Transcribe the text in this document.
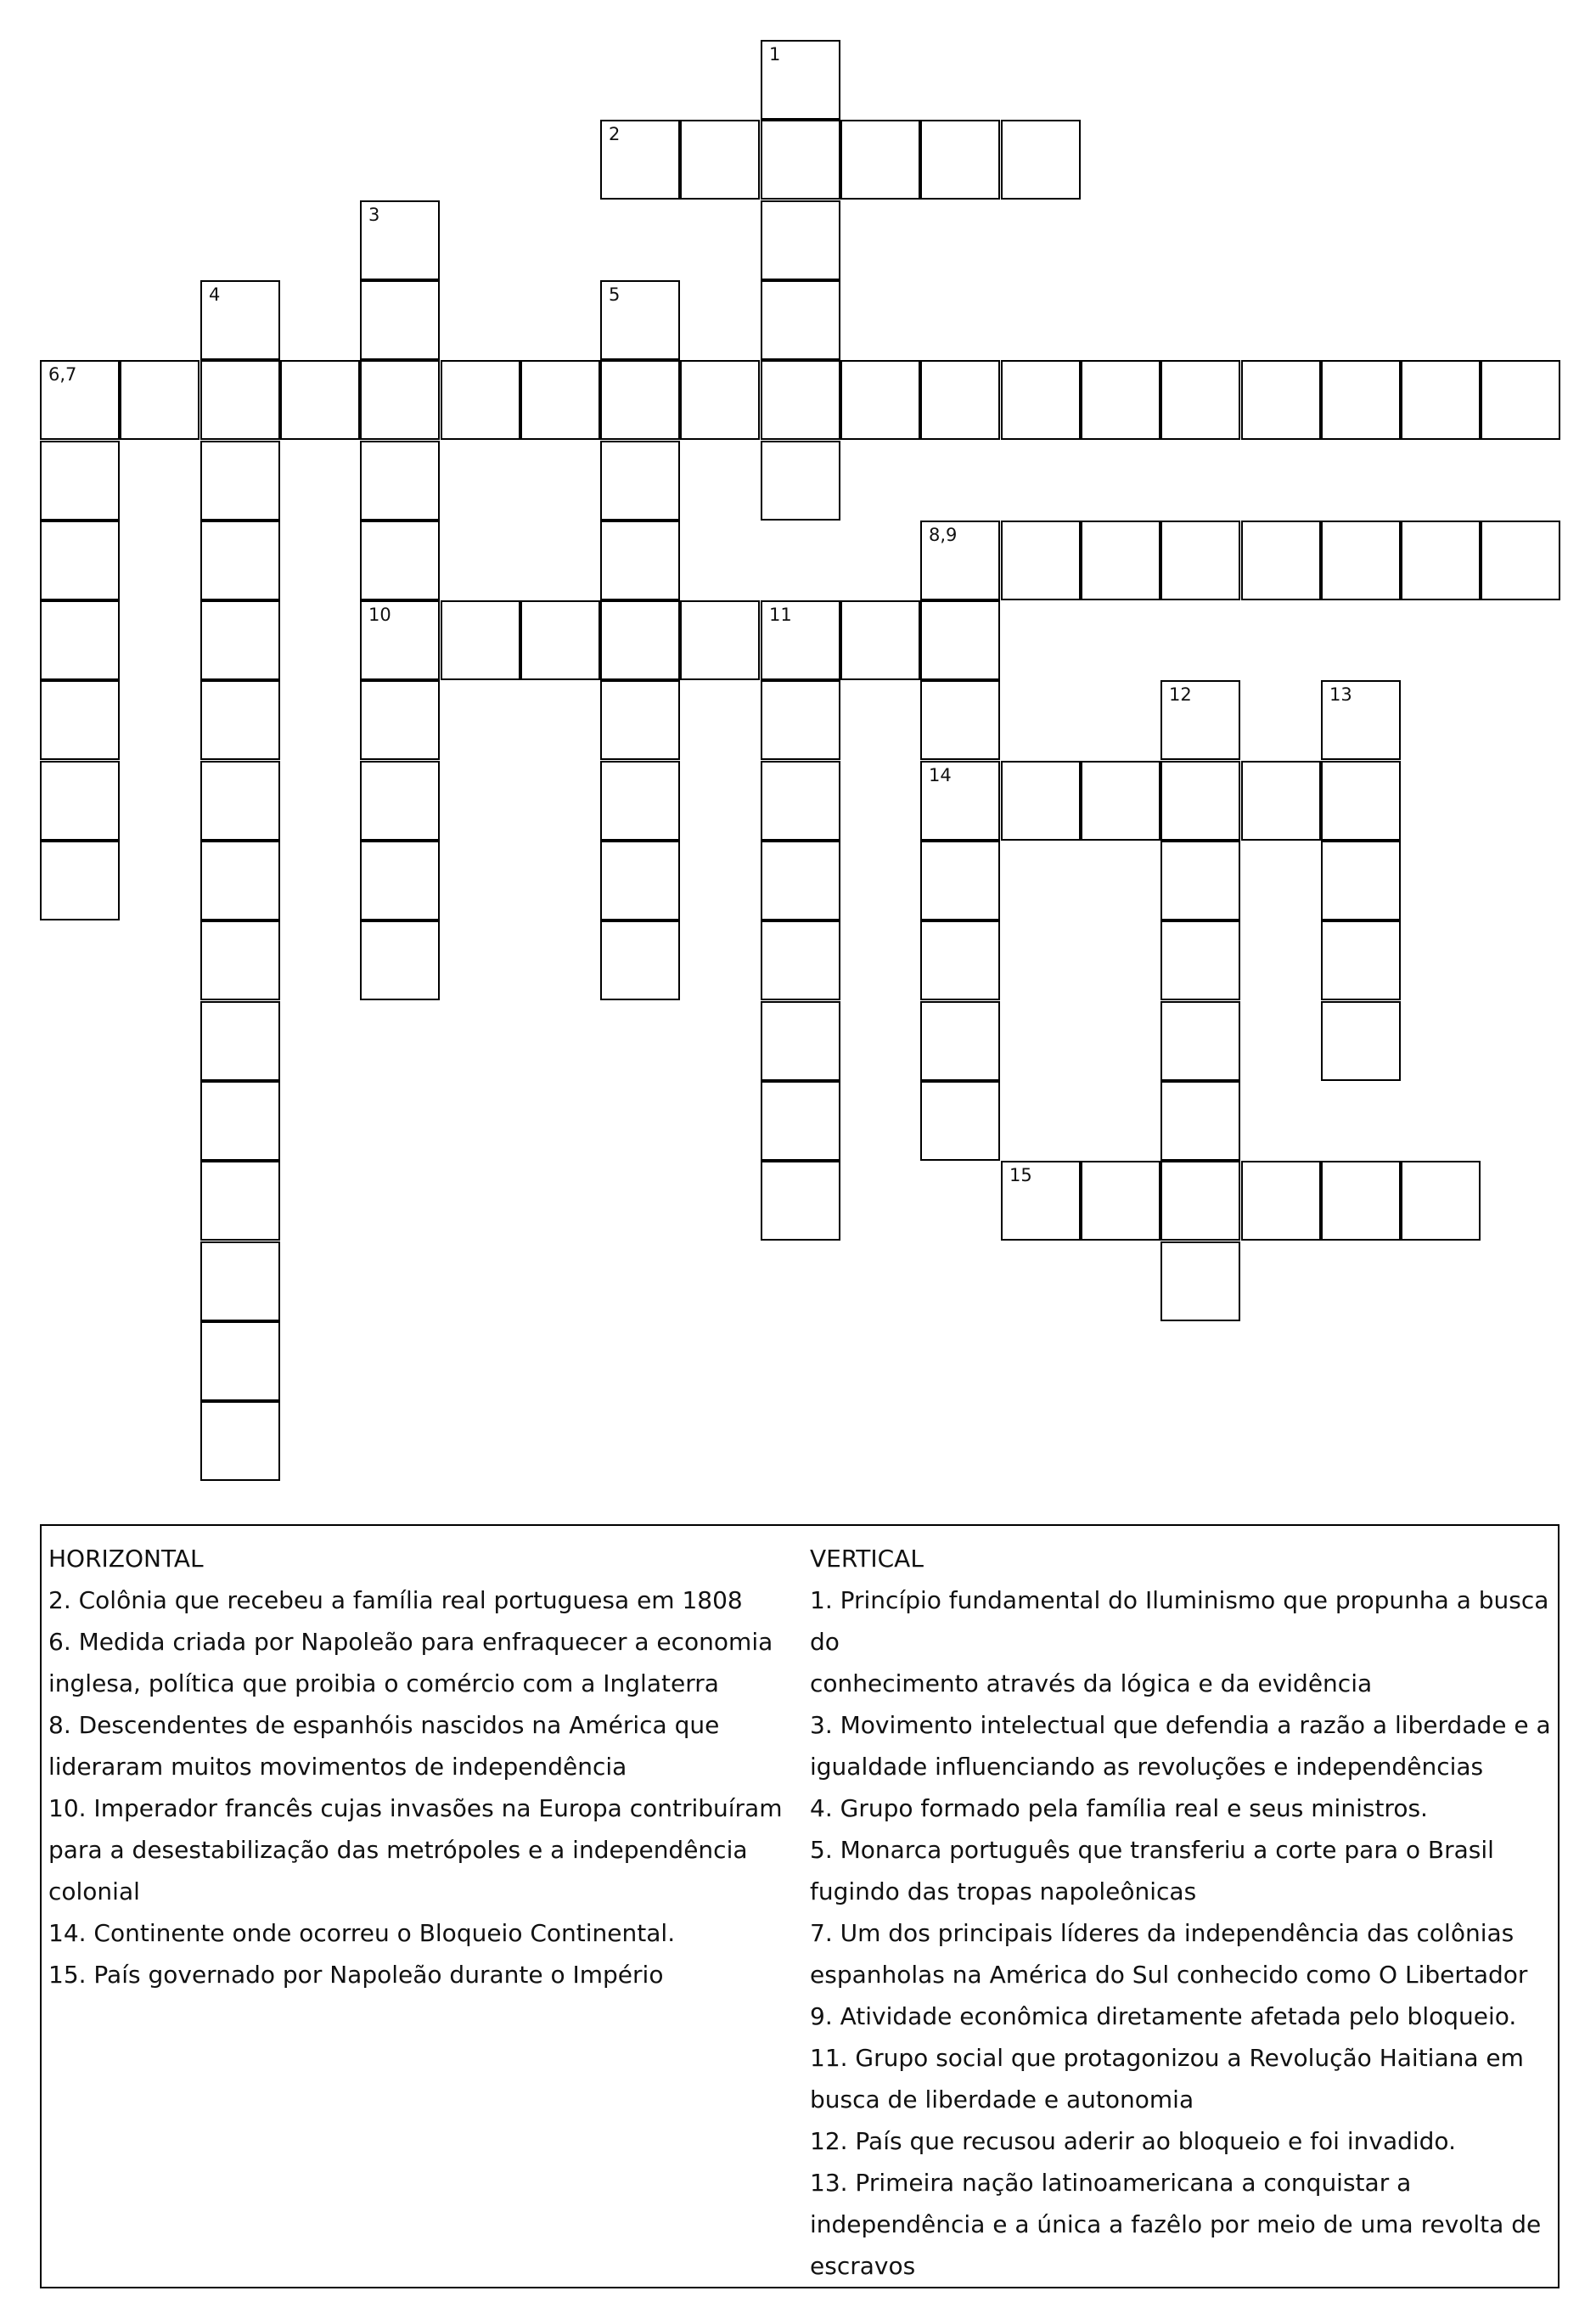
1
2
3
10
4	5
6,7
8,9
14
11
12	13
15
HORIZONTAL
2. Colônia que recebeu a família real portuguesa em 1808
6. Medida criada por Napoleão para enfraquecer a economia
inglesa, política que proibia o comércio com a Inglaterra
8. Descendentes de espanhóis nascidos na América que
lideraram muitos movimentos de independência
10. Imperador francês cujas invasões na Europa contribuíram
para a desestabilização das metrópoles e a independência
colonial
14. Continente onde ocorreu o Bloqueio Continental.
15. País governado por Napoleão durante o Império
VERTICAL
1. Princípio fundamental do Iluminismo que propunha a busca do
conhecimento através da lógica e da evidência
3. Movimento intelectual que defendia a razão a liberdade e a
igualdade influenciando as revoluções e independências
4. Grupo formado pela família real e seus ministros.
5. Monarca português que transferiu a corte para o Brasil
fugindo das tropas napoleônicas
7. Um dos principais líderes da independência das colônias
espanholas na América do Sul conhecido como O Libertador
9. Atividade econômica diretamente afetada pelo bloqueio.
11. Grupo social que protagonizou a Revolução Haitiana em
busca de liberdade e autonomia
12. País que recusou aderir ao bloqueio e foi invadido.
13. Primeira nação latinoamericana a conquistar a
independência e a única a fazêlo por meio de uma revolta de
escravos
